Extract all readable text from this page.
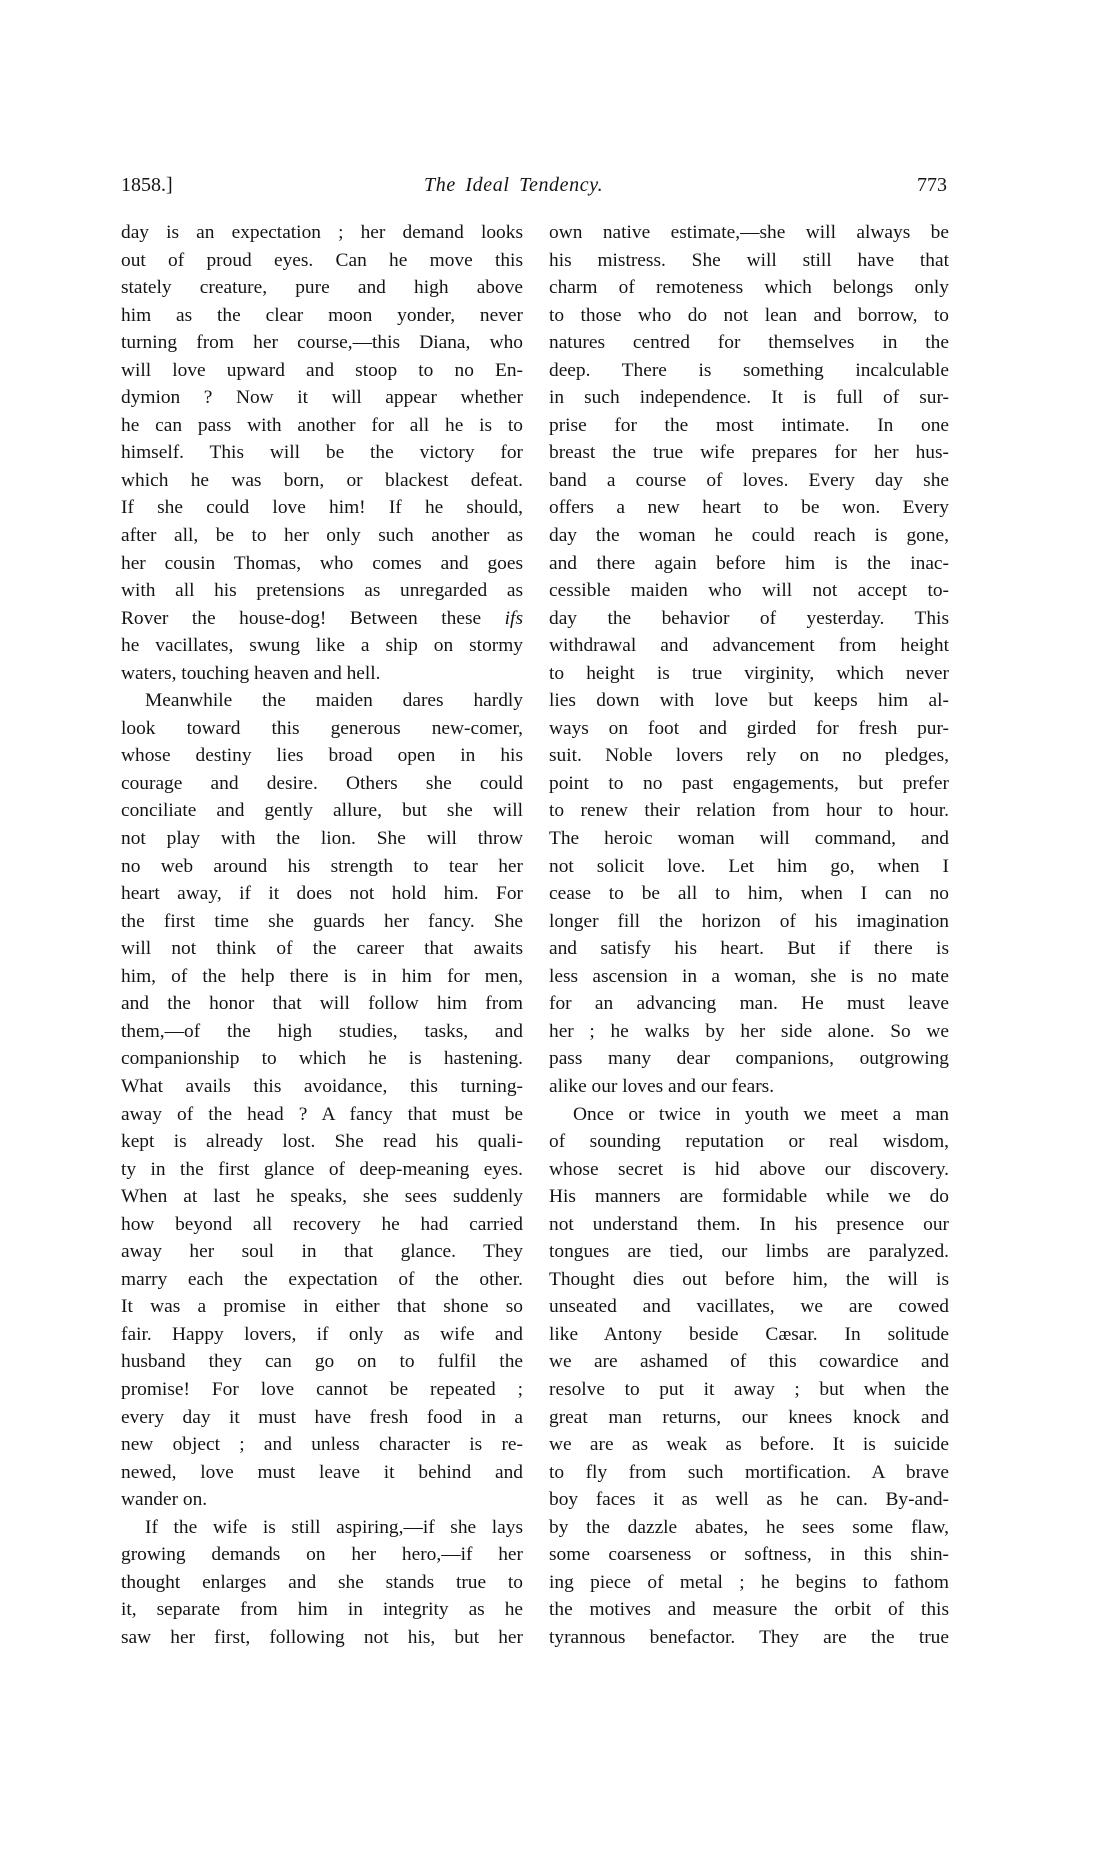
1858.]	The Ideal Tendency.	773
day is an expectation ; her demand looks
out of proud eyes. Can he move this
stately creature, pure and high above
him as the clear moon yonder, never
turning from her course,—this Diana, who
will love upward and stoop to no En-
dymion ? Now it will appear whether
he can pass with another for all he is to
himself. This will be the victory for
which he was born, or blackest defeat.
If she could love him! If he should,
after all, be to her only such another as
her cousin Thomas, who comes and goes
with all his pretensions as unregarded as
Rover the house-dog! Between these ifs
he vacillates, swung like a ship on stormy
waters, touching heaven and hell.
Meanwhile the maiden dares hardly
look toward this generous new-comer,
whose destiny lies broad open in his
courage and desire. Others she could
conciliate and gently allure, but she will
not play with the lion. She will throw
no web around his strength to tear her
heart away, if it does not hold him. For
the first time she guards her fancy. She
will not think of the career that awaits
him, of the help there is in him for men,
and the honor that will follow him from
them,—of the high studies, tasks, and
companionship to which he is hastening.
What avails this avoidance, this turning-
away of the head ? A fancy that must be
kept is already lost. She read his quali-
ty in the first glance of deep-meaning eyes.
When at last he speaks, she sees suddenly
how beyond all recovery he had carried
away her soul in that glance. They
marry each the expectation of the other.
It was a promise in either that shone so
fair. Happy lovers, if only as wife and
husband they can go on to fulfil the
promise! For love cannot be repeated ;
every day it must have fresh food in a
new object ; and unless character is re-
newed, love must leave it behind and
wander on.
If the wife is still aspiring,—if she lays
growing demands on her hero,—if her
thought enlarges and she stands true to
it, separate from him in integrity as he
saw her first, following not his, but her
own native estimate,—she will always be
his mistress. She will still have that
charm of remoteness which belongs only
to those who do not lean and borrow, to
natures centred for themselves in the
deep. There is something incalculable
in such independence. It is full of sur-
prise for the most intimate. In one
breast the true wife prepares for her hus-
band a course of loves. Every day she
offers a new heart to be won. Every
day the woman he could reach is gone,
and there again before him is the inac-
cessible maiden who will not accept to-
day the behavior of yesterday. This
withdrawal and advancement from height
to height is true virginity, which never
lies down with love but keeps him al-
ways on foot and girded for fresh pur-
suit. Noble lovers rely on no pledges,
point to no past engagements, but prefer
to renew their relation from hour to hour.
The heroic woman will command, and
not solicit love. Let him go, when I
cease to be all to him, when I can no
longer fill the horizon of his imagination
and satisfy his heart. But if there is
less ascension in a woman, she is no mate
for an advancing man. He must leave
her ; he walks by her side alone. So we
pass many dear companions, outgrowing
alike our loves and our fears.
Once or twice in youth we meet a man
of sounding reputation or real wisdom,
whose secret is hid above our discovery.
His manners are formidable while we do
not understand them. In his presence our
tongues are tied, our limbs are paralyzed.
Thought dies out before him, the will is
unseated and vacillates, we are cowed
like Antony beside Cæsar. In solitude
we are ashamed of this cowardice and
resolve to put it away ; but when the
great man returns, our knees knock and
we are as weak as before. It is suicide
to fly from such mortification. A brave
boy faces it as well as he can. By-and-
by the dazzle abates, he sees some flaw,
some coarseness or softness, in this shin-
ing piece of metal ; he begins to fathom
the motives and measure the orbit of this
tyrannous benefactor. They are the true
